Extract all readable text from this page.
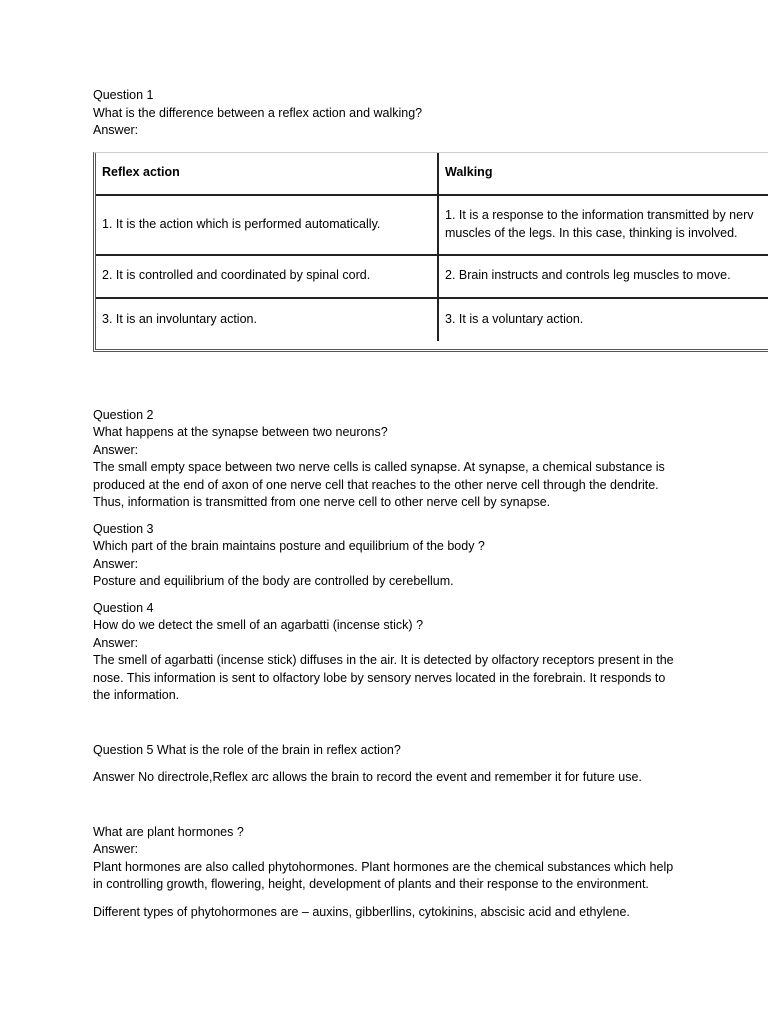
Question 1

What is the difference between a reflex action and walking?

Answer:

Reflex action	Walking
1. It is the action which is performed automatically.	1. It is a response to the information transmitted by nerv
muscles of the legs. In this case, thinking is involved.

2. It is controlled and coordinated by spinal cord.	2. Brain instructs and controls leg muscles to move.
3. It is an involuntary action.	3. It is a voluntary action.

Question 2

What happens at the synapse between two neurons?

Answer:

The small empty space between two nerve cells is called synapse. At synapse, a chemical substance is produced at the end of axon of one nerve cell that reaches to the other nerve cell through the dendrite. Thus, information is transmitted from one nerve cell to other nerve cell by synapse.

Question 3

Which part of the brain maintains posture and equilibrium of the body ?

Answer:

Posture and equilibrium of the body are controlled by cerebellum.

Question 4

How do we detect the smell of an agarbatti (incense stick) ?

Answer:

The smell of agarbatti (incense stick) diffuses in the air. It is detected by olfactory receptors present in the nose. This information is sent to olfactory lobe by sensory nerves located in the forebrain. It responds to the information.

Question 5 What is the role of the brain in reflex action?

Answer No directrole,Reflex arc allows the brain to record the event and remember it for future use.

What are plant hormones ?

Answer:

Plant hormones are also called phytohormones. Plant hormones are the chemical substances which help in controlling growth, flowering, height, development of plants and their response to the environment.

Different types of phytohormones are – auxins, gibberllins, cytokinins, abscisic acid and ethylene.
